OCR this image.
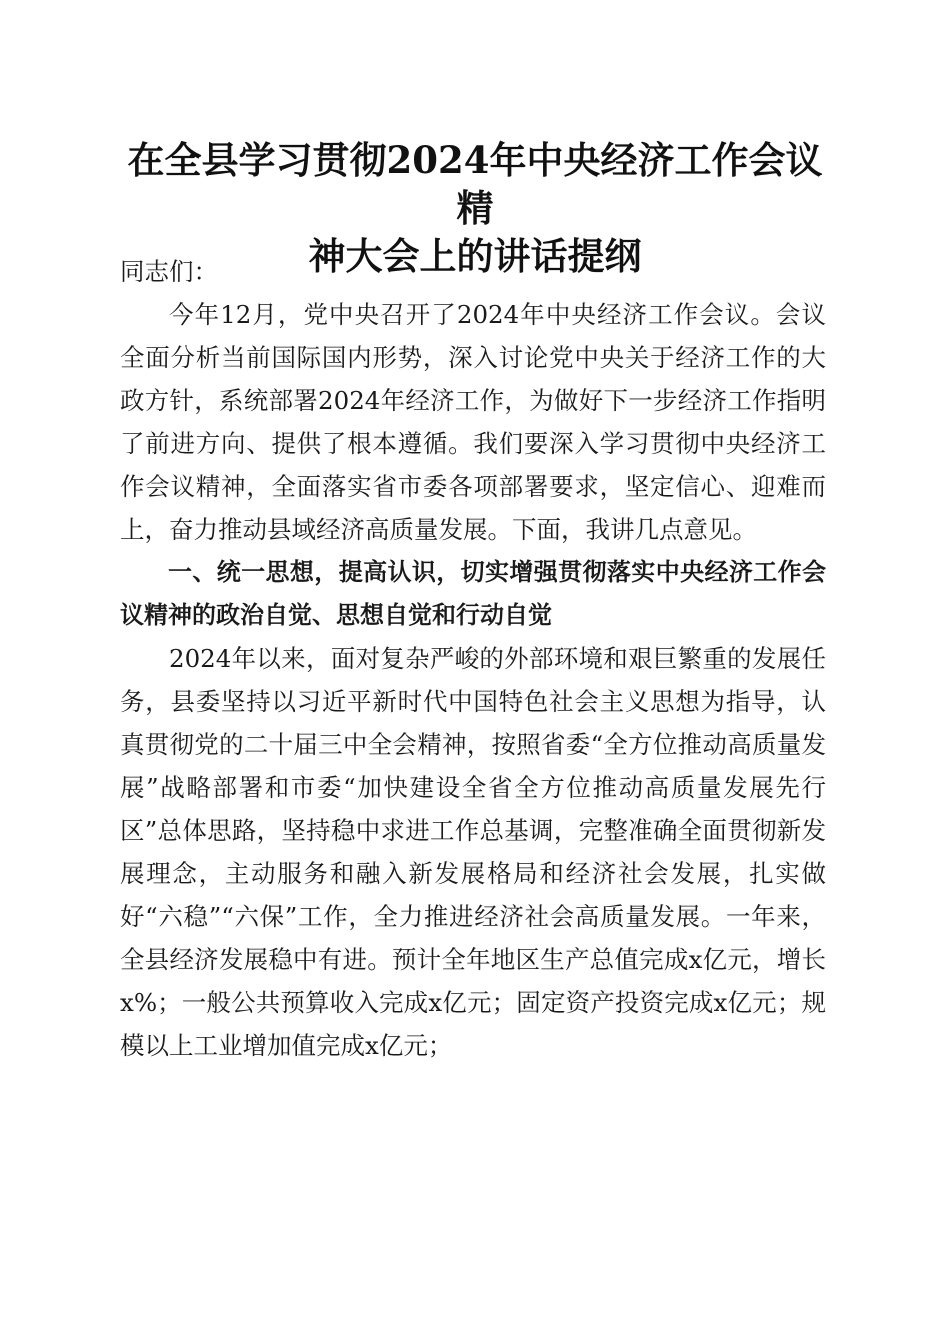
在全县学习贯彻2024年中央经济工作会议精
神大会上的讲话提纲

同志们：

今年12月，党中央召开了2024年中央经济工作会议。会议全面分析当前国际国内形势，深入讨论党中央关于经济工作的大政方针，系统部署2024年经济工作，为做好下一步经济工作指明了前进方向、提供了根本遵循。我们要深入学习贯彻中央经济工作会议精神，全面落实省市委各项部署要求，坚定信心、迎难而上，奋力推动县域经济高质量发展。下面，我讲几点意见。

一、统一思想，提高认识，切实增强贯彻落实中央经济工作会议精神的政治自觉、思想自觉和行动自觉

2024年以来，面对复杂严峻的外部环境和艰巨繁重的发展任务，县委坚持以习近平新时代中国特色社会主义思想为指导，认真贯彻党的二十届三中全会精神，按照省委“全方位推动高质量发展”战略部署和市委“加快建设全省全方位推动高质量发展先行区”总体思路，坚持稳中求进工作总基调，完整准确全面贯彻新发展理念，主动服务和融入新发展格局和经济社会发展，扎实做好“六稳”“六保”工作，全力推进经济社会高质量发展。一年来，全县经济发展稳中有进。预计全年地区生产总值完成x亿元，增长x%；一般公共预算收入完成x亿元；固定资产投资完成x亿元；规模以上工业增加值完成x亿元；
